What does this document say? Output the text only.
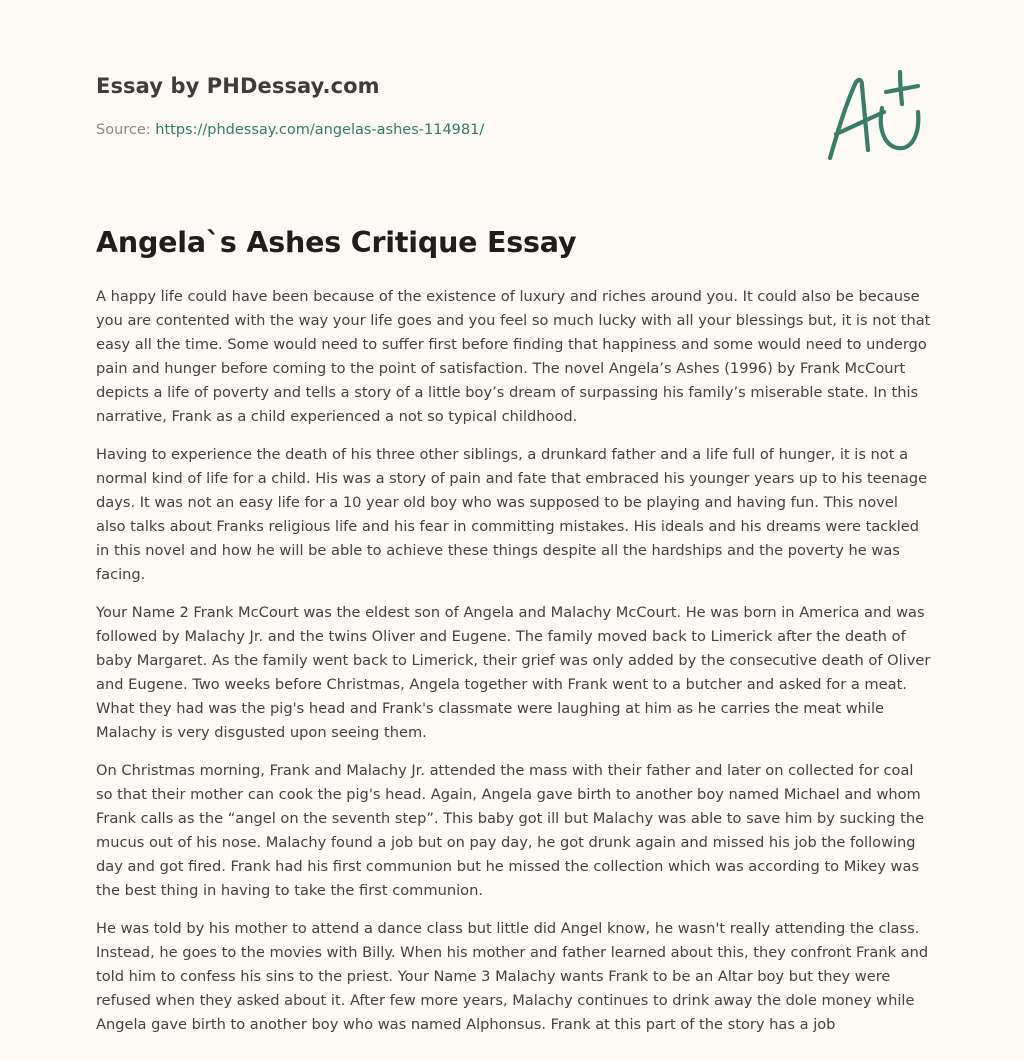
Essay by PHDessay.com
Source: https://phdessay.com/angelas-ashes-114981/
Angela`s Ashes Critique Essay

A happy life could have been because of the existence of luxury and riches around you. It could also be because you are contented with the way your life goes and you feel so much lucky with all your blessings but, it is not that easy all the time. Some would need to suffer first before finding that happiness and some would need to undergo pain and hunger before coming to the point of satisfaction. The novel Angela’s Ashes (1996) by Frank McCourt depicts a life of poverty and tells a story of a little boy’s dream of surpassing his family’s miserable state. In this narrative, Frank as a child experienced a not so typical childhood.

Having to experience the death of his three other siblings, a drunkard father and a life full of hunger, it is not a normal kind of life for a child. His was a story of pain and fate that embraced his younger years up to his teenage days. It was not an easy life for a 10 year old boy who was supposed to be playing and having fun. This novel also talks about Franks religious life and his fear in committing mistakes. His ideals and his dreams were tackled in this novel and how he will be able to achieve these things despite all the hardships and the poverty he was facing.

Your Name 2 Frank McCourt was the eldest son of Angela and Malachy McCourt. He was born in America and was followed by Malachy Jr. and the twins Oliver and Eugene. The family moved back to Limerick after the death of baby Margaret. As the family went back to Limerick, their grief was only added by the consecutive death of Oliver and Eugene. Two weeks before Christmas, Angela together with Frank went to a butcher and asked for a meat. What they had was the pig's head and Frank's classmate were laughing at him as he carries the meat while Malachy is very disgusted upon seeing them.

On Christmas morning, Frank and Malachy Jr. attended the mass with their father and later on collected for coal so that their mother can cook the pig's head. Again, Angela gave birth to another boy named Michael and whom Frank calls as the “angel on the seventh step”. This baby got ill but Malachy was able to save him by sucking the mucus out of his nose. Malachy found a job but on pay day, he got drunk again and missed his job the following day and got fired. Frank had his first communion but he missed the collection which was according to Mikey was the best thing in having to take the first communion.

He was told by his mother to attend a dance class but little did Angel know, he wasn't really attending the class. Instead, he goes to the movies with Billy. When his mother and father learned about this, they confront Frank and told him to confess his sins to the priest. Your Name 3 Malachy wants Frank to be an Altar boy but they were refused when they asked about it. After few more years, Malachy continues to drink away the dole money while Angela gave birth to another boy who was named Alphonsus. Frank at this part of the story has a job
